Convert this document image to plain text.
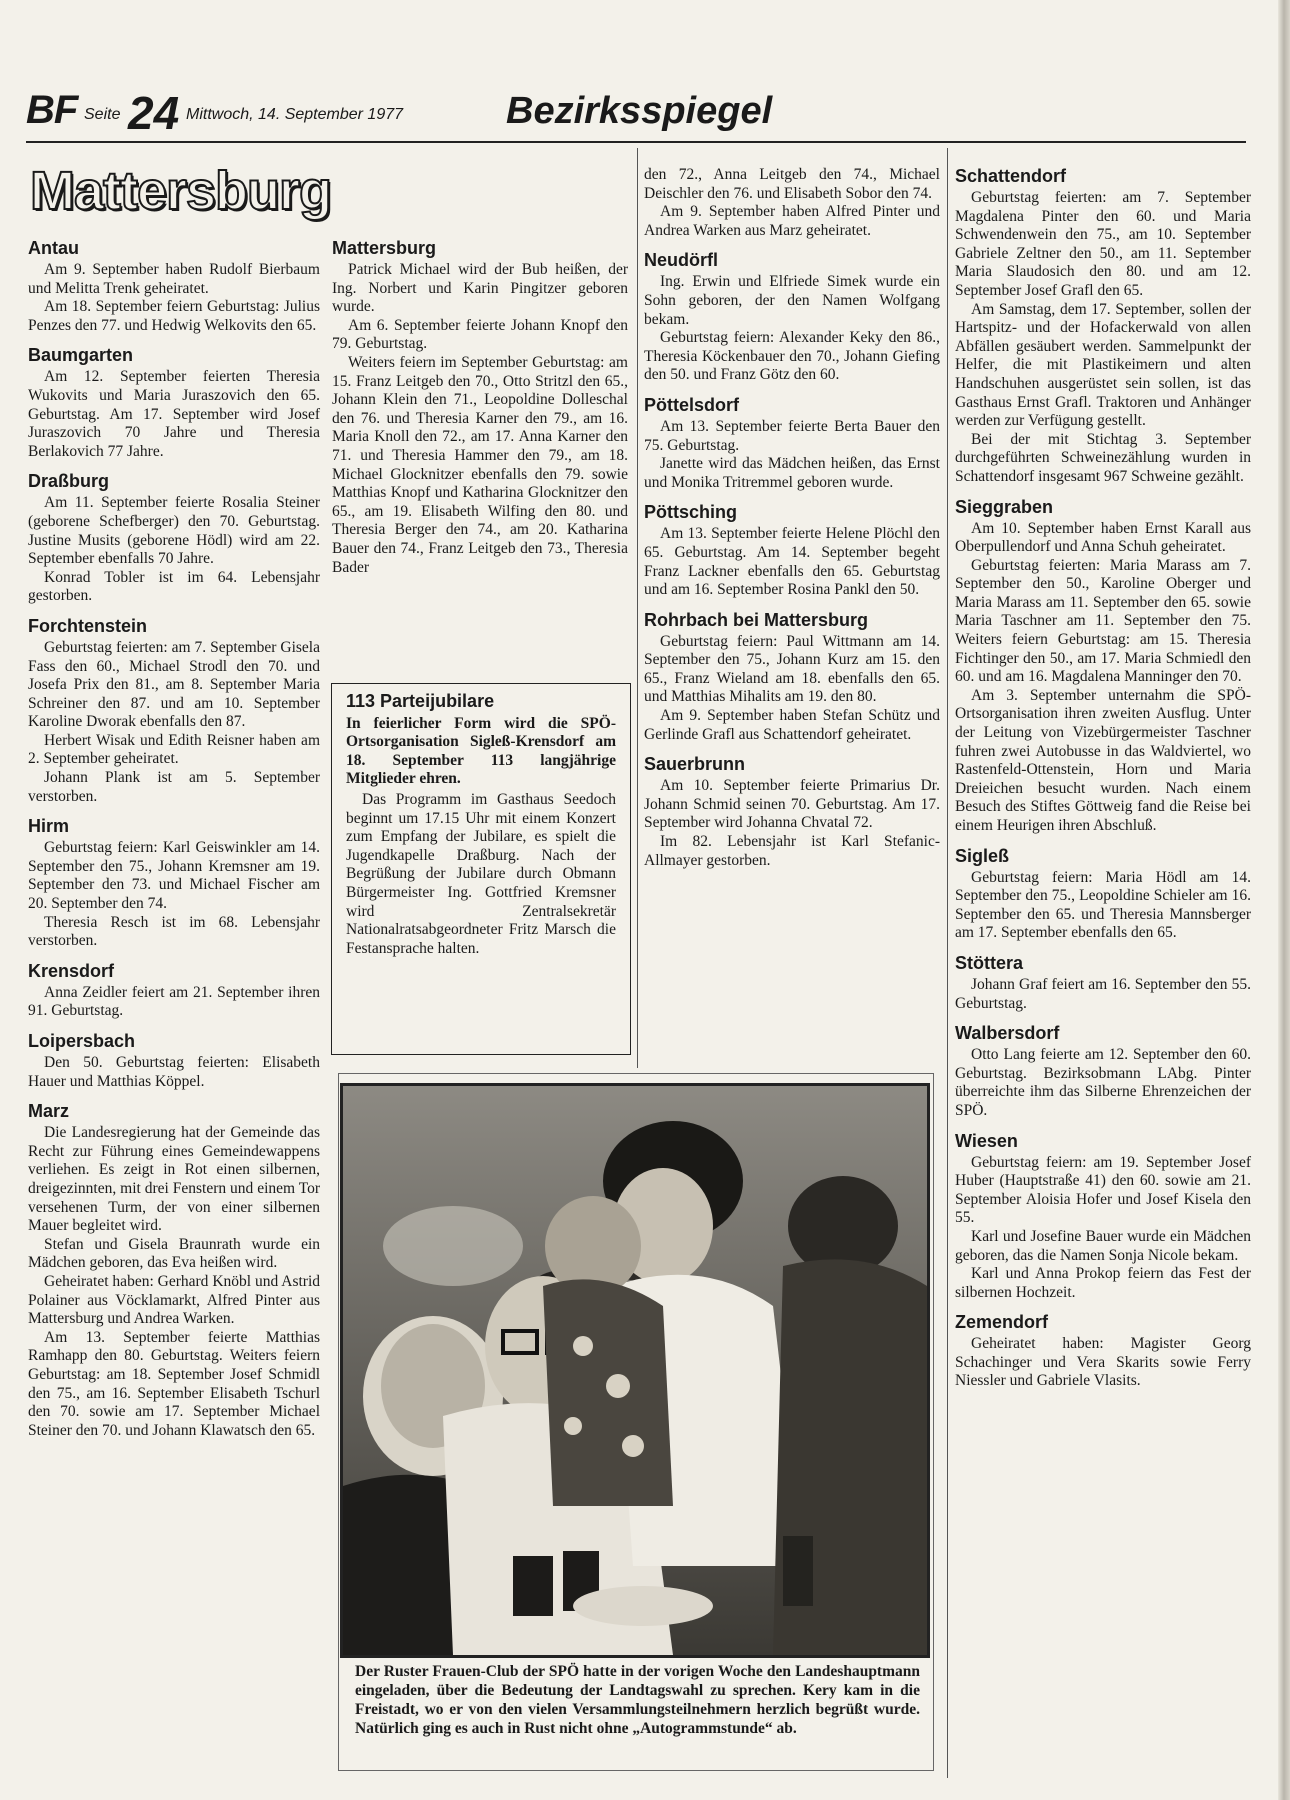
BF Seite 24 Mittwoch, 14. September 1977	Bezirksspiegel
Mattersburg
Antau

Am 9. September haben Rudolf Bierbaum und Melitta Trenk geheiratet.

Am 18. September feiern Geburtstag: Julius Penzes den 77. und Hedwig Welkovits den 65.

Baumgarten

Am 12. September feierten Theresia Wukovits und Maria Juraszovich den 65. Geburtstag. Am 17. September wird Josef Juraszovich 70 Jahre und Theresia Berlakovich 77 Jahre.

Draßburg

Am 11. September feierte Rosalia Steiner (geborene Schefberger) den 70. Geburtstag. Justine Musits (geborene Hödl) wird am 22. September ebenfalls 70 Jahre.

Konrad Tobler ist im 64. Lebensjahr gestorben.

Forchtenstein

Geburtstag feierten: am 7. September Gisela Fass den 60., Michael Strodl den 70. und Josefa Prix den 81., am 8. September Maria Schreiner den 87. und am 10. September Karoline Dworak ebenfalls den 87.

Herbert Wisak und Edith Reisner haben am 2. September geheiratet.

Johann Plank ist am 5. September verstorben.

Hirm

Geburtstag feiern: Karl Geiswinkler am 14. September den 75., Johann Kremsner am 19. September den 73. und Michael Fischer am 20. September den 74.

Theresia Resch ist im 68. Lebensjahr verstorben.

Krensdorf

Anna Zeidler feiert am 21. September ihren 91. Geburtstag.

Loipersbach

Den 50. Geburtstag feierten: Elisabeth Hauer und Matthias Köppel.

Marz

Die Landesregierung hat der Gemeinde das Recht zur Führung eines Gemeindewappens verliehen. Es zeigt in Rot einen silbernen, dreigezinnten, mit drei Fenstern und einem Tor versehenen Turm, der von einer silbernen Mauer begleitet wird.

Stefan und Gisela Braunrath wurde ein Mädchen geboren, das Eva heißen wird.

Geheiratet haben: Gerhard Knöbl und Astrid Polainer aus Vöcklamarkt, Alfred Pinter aus Mattersburg und Andrea Warken.

Am 13. September feierte Matthias Ramhapp den 80. Geburtstag. Weiters feiern Geburtstag: am 18. September Josef Schmidl den 75., am 16. September Elisabeth Tschurl den 70. sowie am 17. September Michael Steiner den 70. und Johann Klawatsch den 65.

Mattersburg

Patrick Michael wird der Bub heißen, der Ing. Norbert und Karin Pingitzer geboren wurde.

Am 6. September feierte Johann Knopf den 79. Geburtstag.

Weiters feiern im September Geburtstag: am 15. Franz Leitgeb den 70., Otto Stritzl den 65., Johann Klein den 71., Leopoldine Dolleschal den 76. und Theresia Karner den 79., am 16. Maria Knoll den 72., am 17. Anna Karner den 71. und Theresia Hammer den 79., am 18. Michael Glocknitzer ebenfalls den 79. sowie Matthias Knopf und Katharina Glocknitzer den 65., am 19. Elisabeth Wilfing den 80. und Theresia Berger den 74., am 20. Katharina Bauer den 74., Franz Leitgeb den 73., Theresia Bader

113 Parteijubilare

In feierlicher Form wird die SPÖ-Ortsorganisation Sigleß-Krensdorf am 18. September 113 langjährige Mitglieder ehren.

Das Programm im Gasthaus Seedoch beginnt um 17.15 Uhr mit einem Konzert zum Empfang der Jubilare, es spielt die Jugendkapelle Draßburg. Nach der Begrüßung der Jubilare durch Obmann Bürgermeister Ing. Gottfried Kremsner wird Zentralsekretär Nationalratsabgeordneter Fritz Marsch die Festansprache halten.

Der Ruster Frauen-Club der SPÖ hatte in der vorigen Woche den Landeshauptmann eingeladen, über die Bedeutung der Landtagswahl zu sprechen. Kery kam in die Freistadt, wo er von den vielen Versammlungsteilnehmern herzlich begrüßt wurde. Natürlich ging es auch in Rust nicht ohne „Autogrammstunde“ ab.

den 72., Anna Leitgeb den 74., Michael Deischler den 76. und Elisabeth Sobor den 74.

Am 9. September haben Alfred Pinter und Andrea Warken aus Marz geheiratet.

Neudörfl

Ing. Erwin und Elfriede Simek wurde ein Sohn geboren, der den Namen Wolfgang bekam.

Geburtstag feiern: Alexander Keky den 86., Theresia Köckenbauer den 70., Johann Giefing den 50. und Franz Götz den 60.

Pöttelsdorf

Am 13. September feierte Berta Bauer den 75. Geburtstag.

Janette wird das Mädchen heißen, das Ernst und Monika Tritremmel geboren wurde.

Pöttsching

Am 13. September feierte Helene Plöchl den 65. Geburtstag. Am 14. September begeht Franz Lackner ebenfalls den 65. Geburtstag und am 16. September Rosina Pankl den 50.

Rohrbach bei Mattersburg

Geburtstag feiern: Paul Wittmann am 14. September den 75., Johann Kurz am 15. den 65., Franz Wieland am 18. ebenfalls den 65. und Matthias Mihalits am 19. den 80.

Am 9. September haben Stefan Schütz und Gerlinde Grafl aus Schattendorf geheiratet.

Sauerbrunn

Am 10. September feierte Primarius Dr. Johann Schmid seinen 70. Geburtstag. Am 17. September wird Johanna Chvatal 72.

Im 82. Lebensjahr ist Karl Stefanic-Allmayer gestorben.

Schattendorf

Geburtstag feierten: am 7. September Magdalena Pinter den 60. und Maria Schwendenwein den 75., am 10. September Gabriele Zeltner den 50., am 11. September Maria Slaudosich den 80. und am 12. September Josef Grafl den 65.

Am Samstag, dem 17. September, sollen der Hartspitz- und der Hofackerwald von allen Abfällen gesäubert werden. Sammelpunkt der Helfer, die mit Plastikeimern und alten Handschuhen ausgerüstet sein sollen, ist das Gasthaus Ernst Grafl. Traktoren und Anhänger werden zur Verfügung gestellt.

Bei der mit Stichtag 3. September durchgeführten Schweinezählung wurden in Schattendorf insgesamt 967 Schweine gezählt.

Sieggraben

Am 10. September haben Ernst Karall aus Oberpullendorf und Anna Schuh geheiratet.

Geburtstag feierten: Maria Marass am 7. September den 50., Karoline Oberger und Maria Marass am 11. September den 65. sowie Maria Taschner am 11. September den 75. Weiters feiern Geburtstag: am 15. Theresia Fichtinger den 50., am 17. Maria Schmiedl den 60. und am 16. Magdalena Manninger den 70.

Am 3. September unternahm die SPÖ-Ortsorganisation ihren zweiten Ausflug. Unter der Leitung von Vizebürgermeister Taschner fuhren zwei Autobusse in das Waldviertel, wo Rastenfeld-Ottenstein, Horn und Maria Dreieichen besucht wurden. Nach einem Besuch des Stiftes Göttweig fand die Reise bei einem Heurigen ihren Abschluß.

Sigleß

Geburtstag feiern: Maria Hödl am 14. September den 75., Leopoldine Schieler am 16. September den 65. und Theresia Mannsberger am 17. September ebenfalls den 65.

Stöttera

Johann Graf feiert am 16. September den 55. Geburtstag.

Walbersdorf

Otto Lang feierte am 12. September den 60. Geburtstag. Bezirksobmann LAbg. Pinter überreichte ihm das Silberne Ehrenzeichen der SPÖ.

Wiesen

Geburtstag feiern: am 19. September Josef Huber (Hauptstraße 41) den 60. sowie am 21. September Aloisia Hofer und Josef Kisela den 55.

Karl und Josefine Bauer wurde ein Mädchen geboren, das die Namen Sonja Nicole bekam.

Karl und Anna Prokop feiern das Fest der silbernen Hochzeit.

Zemendorf

Geheiratet haben: Magister Georg Schachinger und Vera Skarits sowie Ferry Niessler und Gabriele Vlasits.
